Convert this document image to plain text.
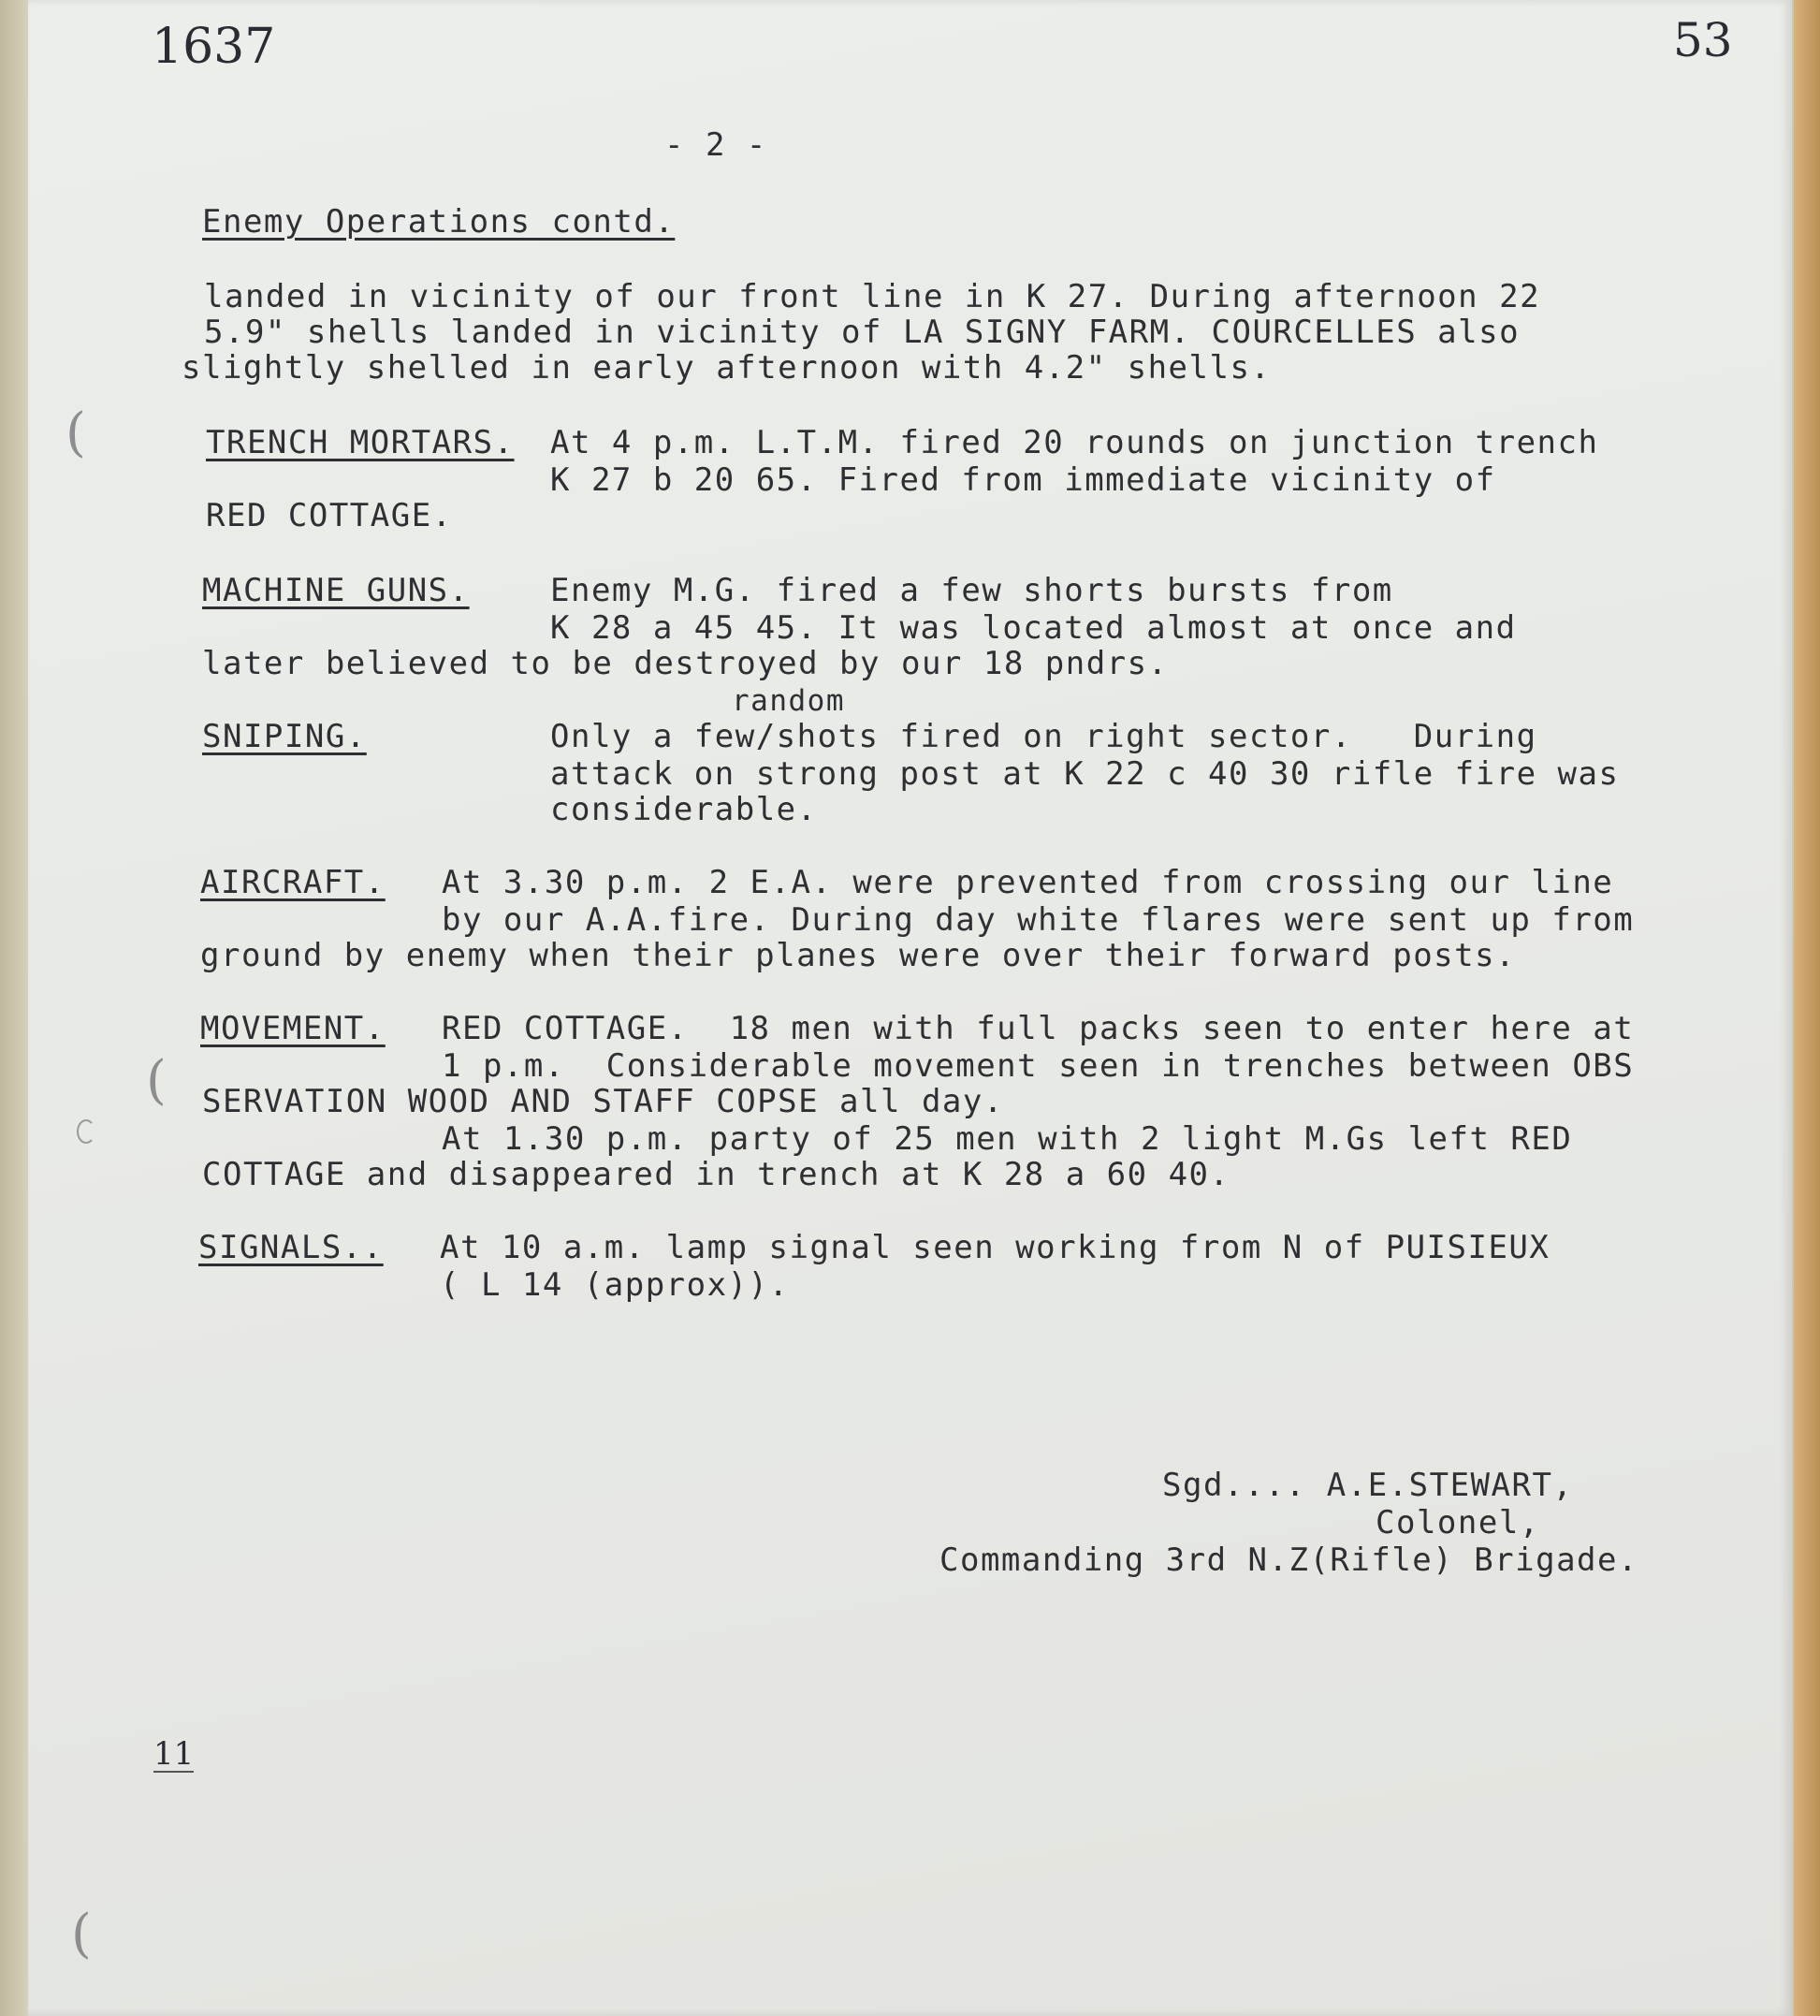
1637	53
- 2 -
Enemy Operations contd.
landed in vicinity of our front line in K 27. During afternoon 22
5.9" shells landed in vicinity of LA SIGNY FARM. COURCELLES also
slightly shelled in early afternoon with 4.2" shells.
TRENCH MORTARS. At 4 p.m. L.T.M. fired 20 rounds on junction trench
K 27 b 20 65. Fired from immediate vicinity of
RED COTTAGE.
MACHINE GUNS.	Enemy M.G. fired a few shorts bursts from
K 28 a 45 45. It was located almost at once and
later believed to be destroyed by our 18 pndrs.
random
SNIPING.	Only a few/shots fired on right sector.   During
attack on strong post at K 22 c 40 30 rifle fire was
considerable.
AIRCRAFT. At 3.30 p.m. 2 E.A. were prevented from crossing our line
by our A.A.fire. During day white flares were sent up from
ground by enemy when their planes were over their forward posts.
MOVEMENT. RED COTTAGE.  18 men with full packs seen to enter here at
1 p.m.  Considerable movement seen in trenches between OBS
SERVATION WOOD AND STAFF COPSE all day.
At 1.30 p.m. party of 25 men with 2 light M.Gs left RED
COTTAGE and disappeared in trench at K 28 a 60 40.
SIGNALS.. At 10 a.m. lamp signal seen working from N of PUISIEUX
( L 14 (approx)).
Sgd.... A.E.STEWART,
Colonel,
Commanding 3rd N.Z(Rifle) Brigade.
11
(
(
(
